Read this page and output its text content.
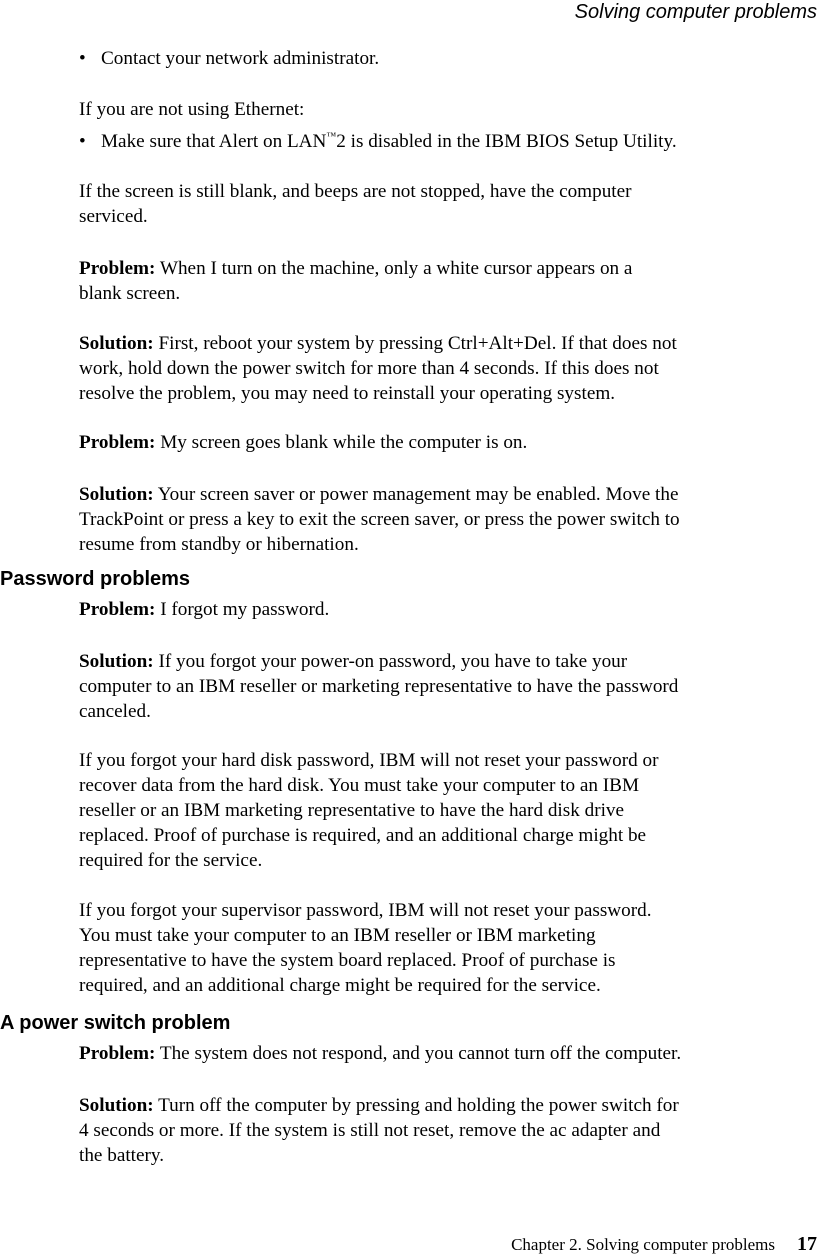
Solving computer problems
• Contact your network administrator.
If you are not using Ethernet:
• Make sure that Alert on LAN™2 is disabled in the IBM BIOS Setup Utility.
If the screen is still blank, and beeps are not stopped, have the computer
serviced.
Problem: When I turn on the machine, only a white cursor appears on a
blank screen.
Solution: First, reboot your system by pressing Ctrl+Alt+Del. If that does not
work, hold down the power switch for more than 4 seconds. If this does not
resolve the problem, you may need to reinstall your operating system.
Problem: My screen goes blank while the computer is on.
Solution: Your screen saver or power management may be enabled. Move the
TrackPoint or press a key to exit the screen saver, or press the power switch to
resume from standby or hibernation.
Password problems
Problem: I forgot my password.
Solution: If you forgot your power-on password, you have to take your
computer to an IBM reseller or marketing representative to have the password
canceled.
If you forgot your hard disk password, IBM will not reset your password or
recover data from the hard disk. You must take your computer to an IBM
reseller or an IBM marketing representative to have the hard disk drive
replaced. Proof of purchase is required, and an additional charge might be
required for the service.
If you forgot your supervisor password, IBM will not reset your password.
You must take your computer to an IBM reseller or IBM marketing
representative to have the system board replaced. Proof of purchase is
required, and an additional charge might be required for the service.
A power switch problem
Problem: The system does not respond, and you cannot turn off the computer.
Solution: Turn off the computer by pressing and holding the power switch for
4 seconds or more. If the system is still not reset, remove the ac adapter and
the battery.
Chapter 2. Solving computer problems 17
